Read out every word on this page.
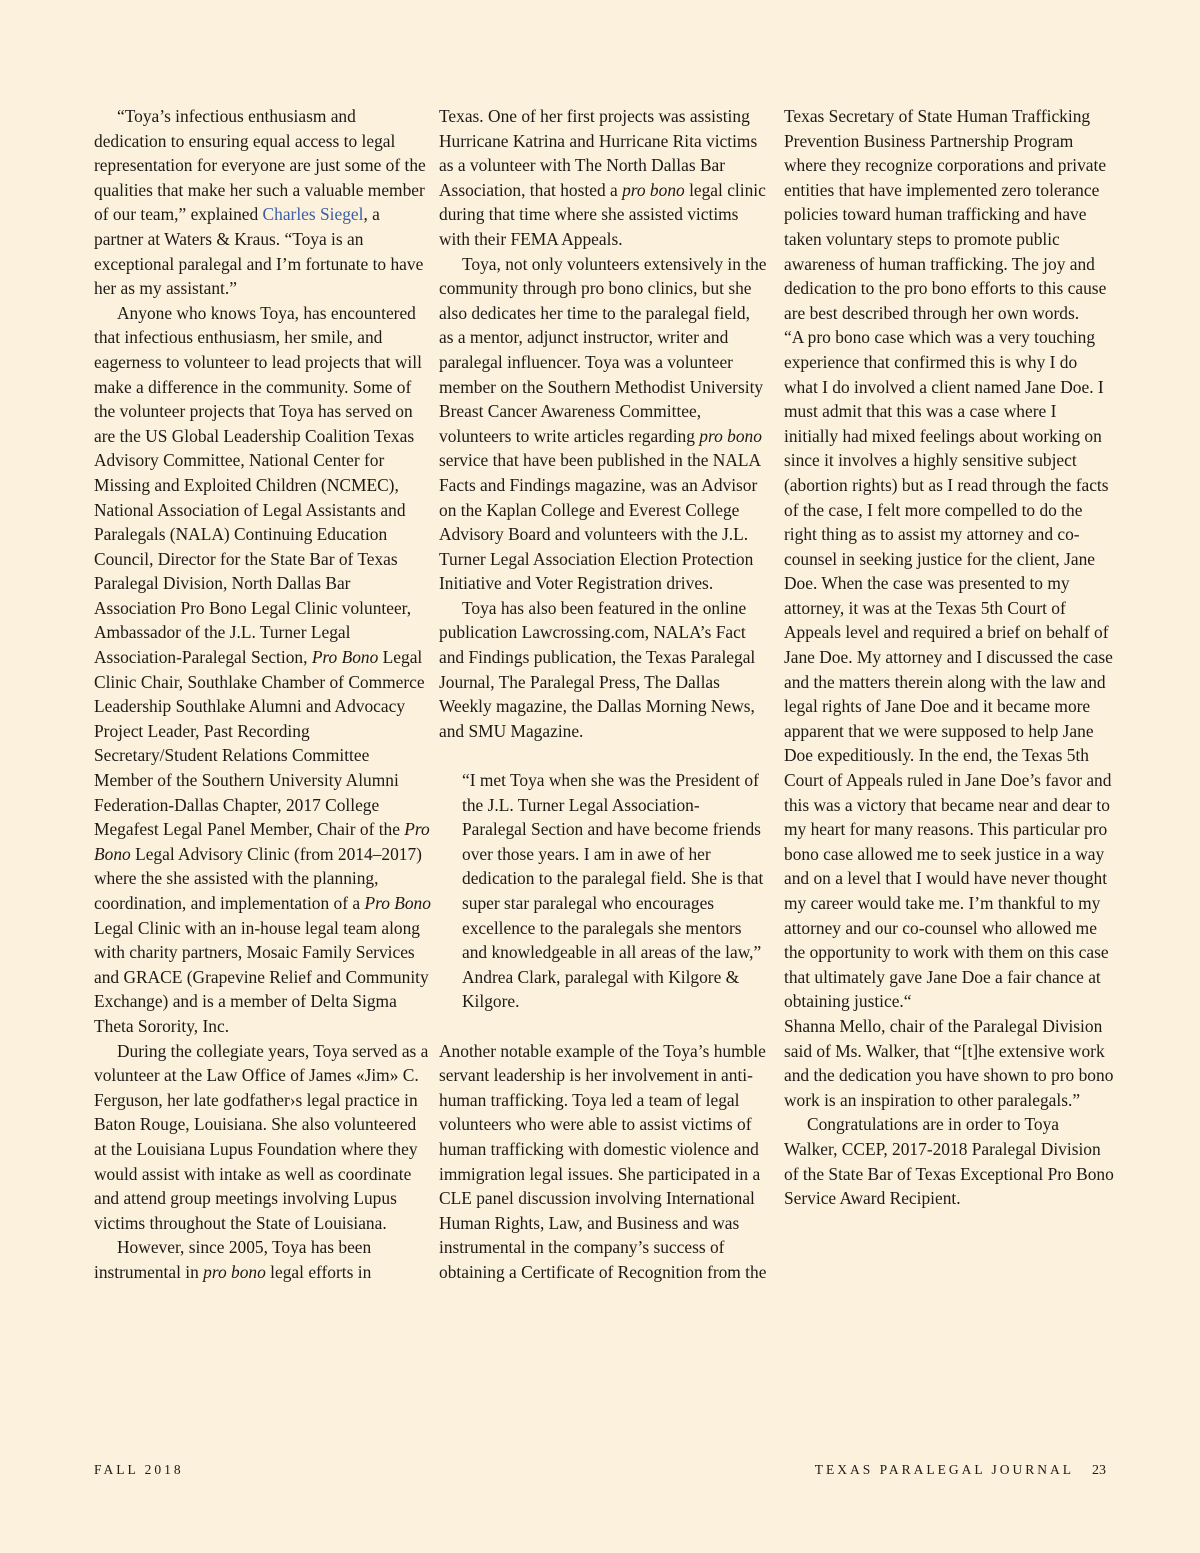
“Toya’s infectious enthusiasm and dedication to ensuring equal access to legal representation for everyone are just some of the qualities that make her such a valuable member of our team,” explained Charles Siegel, a partner at Waters & Kraus. “Toya is an exceptional paralegal and I’m fortunate to have her as my assistant.”

Anyone who knows Toya, has encountered that infectious enthusiasm, her smile, and eagerness to volunteer to lead projects that will make a difference in the community. Some of the volunteer projects that Toya has served on are the US Global Leadership Coalition Texas Advisory Committee, National Center for Missing and Exploited Children (NCMEC), National Association of Legal Assistants and Paralegals (NALA) Continuing Education Council, Director for the State Bar of Texas Paralegal Division, North Dallas Bar Association Pro Bono Legal Clinic volunteer, Ambassador of the J.L. Turner Legal Association-Paralegal Section, Pro Bono Legal Clinic Chair, Southlake Chamber of Commerce Leadership Southlake Alumni and Advocacy Project Leader, Past Recording Secretary/Student Relations Committee Member of the Southern University Alumni Federation-Dallas Chapter, 2017 College Megafest Legal Panel Member, Chair of the Pro Bono Legal Advisory Clinic (from 2014–2017) where the she assisted with the planning, coordination, and implementation of a Pro Bono Legal Clinic with an in-house legal team along with charity partners, Mosaic Family Services and GRACE (Grapevine Relief and Community Exchange) and is a member of Delta Sigma Theta Sorority, Inc.

During the collegiate years, Toya served as a volunteer at the Law Office of James «Jim» C. Ferguson, her late godfather›s legal practice in Baton Rouge, Louisiana. She also volunteered at the Louisiana Lupus Foundation where they would assist with intake as well as coordinate and attend group meetings involving Lupus victims throughout the State of Louisiana.

However, since 2005, Toya has been instrumental in pro bono legal efforts in

Texas. One of her first projects was assisting Hurricane Katrina and Hurricane Rita victims as a volunteer with The North Dallas Bar Association, that hosted a pro bono legal clinic during that time where she assisted victims with their FEMA Appeals.

Toya, not only volunteers extensively in the community through pro bono clinics, but she also dedicates her time to the paralegal field, as a mentor, adjunct instructor, writer and paralegal influencer. Toya was a volunteer member on the Southern Methodist University Breast Cancer Awareness Committee, volunteers to write articles regarding pro bono service that have been published in the NALA Facts and Findings magazine, was an Advisor on the Kaplan College and Everest College Advisory Board and volunteers with the J.L. Turner Legal Association Election Protection Initiative and Voter Registration drives.

Toya has also been featured in the online publication Lawcrossing.com, NALA’s Fact and Findings publication, the Texas Paralegal Journal, The Paralegal Press, The Dallas Weekly magazine, the Dallas Morning News, and SMU Magazine.

“I met Toya when she was the President of the J.L. Turner Legal Association- Paralegal Section and have become friends over those years. I am in awe of her dedication to the paralegal field. She is that super star paralegal who encourages excellence to the paralegals she mentors and knowledgeable in all areas of the law,” Andrea Clark, paralegal with Kilgore & Kilgore.

Another notable example of the Toya’s humble servant leadership is her involvement in anti-human trafficking. Toya led a team of legal volunteers who were able to assist victims of human trafficking with domestic violence and immigration legal issues. She participated in a CLE panel discussion involving International Human Rights, Law, and Business and was instrumental in the company’s success of obtaining a Certificate of Recognition from the

Texas Secretary of State Human Trafficking Prevention Business Partnership Program where they recognize corporations and private entities that have implemented zero tolerance policies toward human trafficking and have taken voluntary steps to promote public awareness of human trafficking. The joy and dedication to the pro bono efforts to this cause are best described through her own words.

“A pro bono case which was a very touching experience that confirmed this is why I do what I do involved a client named Jane Doe. I must admit that this was a case where I initially had mixed feelings about working on since it involves a highly sensitive subject (abortion rights) but as I read through the facts of the case, I felt more compelled to do the right thing as to assist my attorney and co-counsel in seeking justice for the client, Jane Doe. When the case was presented to my attorney, it was at the Texas 5th Court of Appeals level and required a brief on behalf of Jane Doe. My attorney and I discussed the case and the matters therein along with the law and legal rights of Jane Doe and it became more apparent that we were supposed to help Jane Doe expeditiously. In the end, the Texas 5th Court of Appeals ruled in Jane Doe’s favor and this was a victory that became near and dear to my heart for many reasons. This particular pro bono case allowed me to seek justice in a way and on a level that I would have never thought my career would take me. I’m thankful to my attorney and our co-counsel who allowed me the opportunity to work with them on this case that ultimately gave Jane Doe a fair chance at obtaining justice.“

Shanna Mello, chair of the Paralegal Division said of Ms. Walker, that “[t]he extensive work and the dedication you have shown to pro bono work is an inspiration to other paralegals.”

Congratulations are in order to Toya Walker, CCEP, 2017-2018 Paralegal Division of the State Bar of Texas Exceptional Pro Bono Service Award Recipient.

FALL 2018	TEXAS PARALEGAL JOURNAL 23
